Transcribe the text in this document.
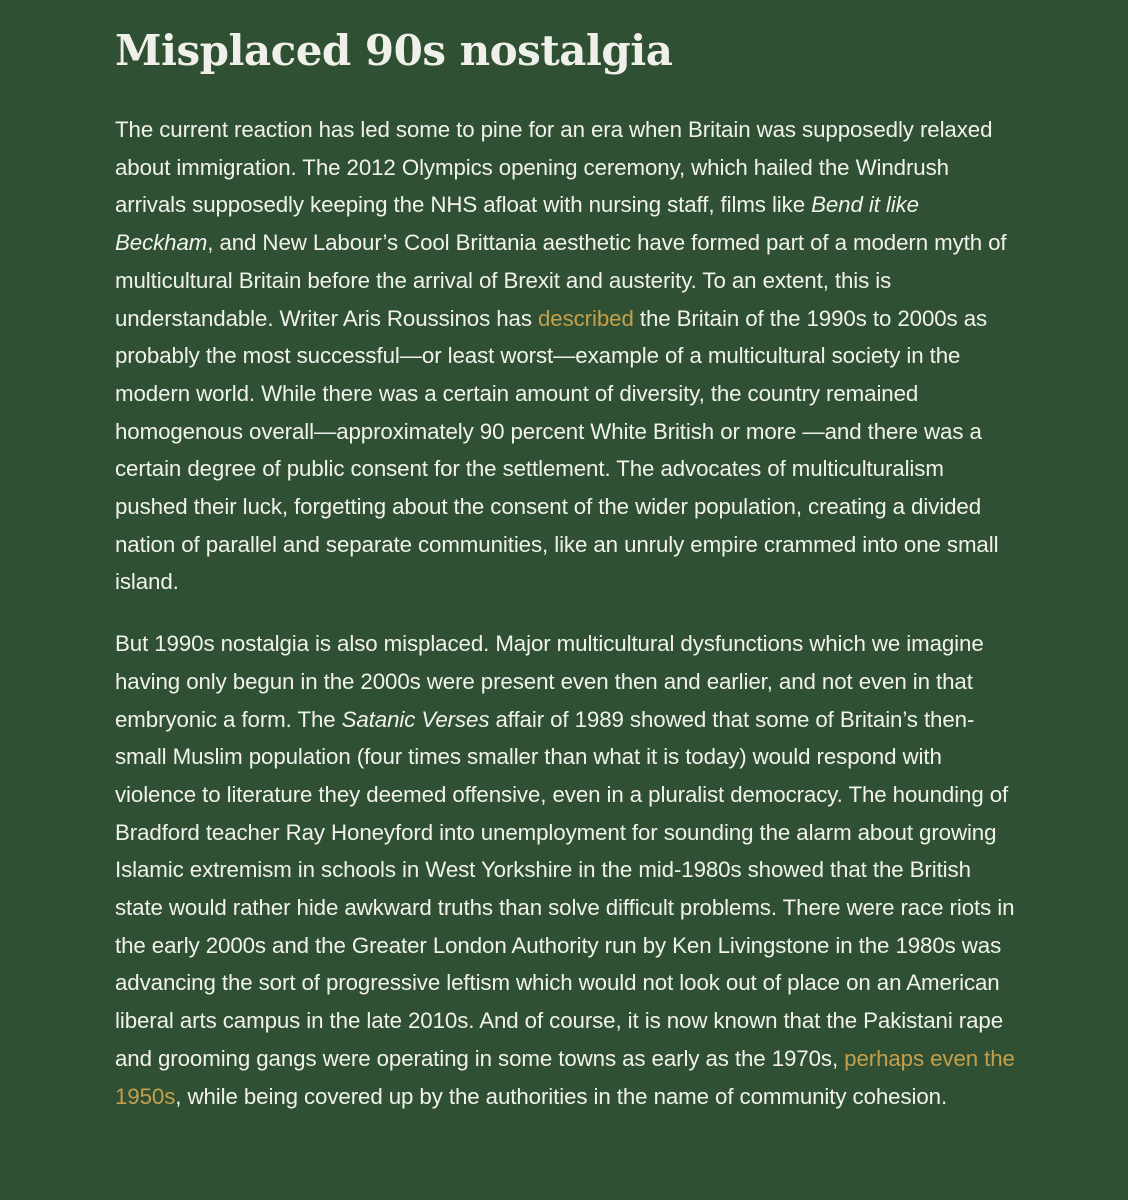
Misplaced 90s nostalgia

The current reaction has led some to pine for an era when Britain was supposedly relaxed about immigration. The 2012 Olympics opening ceremony, which hailed the Windrush arrivals supposedly keeping the NHS afloat with nursing staff, films like Bend it like Beckham, and New Labour’s Cool Brittania aesthetic have formed part of a modern myth of multicultural Britain before the arrival of Brexit and austerity. To an extent, this is understandable. Writer Aris Roussinos has described the Britain of the 1990s to 2000s as probably the most successful—or least worst—example of a multicultural society in the modern world. While there was a certain amount of diversity, the country remained homogenous overall—approximately 90 percent White British or more —and there was a certain degree of public consent for the settlement. The advocates of multiculturalism pushed their luck, forgetting about the consent of the wider population, creating a divided nation of parallel and separate communities, like an unruly empire crammed into one small island.

But 1990s nostalgia is also misplaced. Major multicultural dysfunctions which we imagine having only begun in the 2000s were present even then and earlier, and not even in that embryonic a form. The Satanic Verses affair of 1989 showed that some of Britain’s then-small Muslim population (four times smaller than what it is today) would respond with violence to literature they deemed offensive, even in a pluralist democracy. The hounding of Bradford teacher Ray Honeyford into unemployment for sounding the alarm about growing Islamic extremism in schools in West Yorkshire in the mid-1980s showed that the British state would rather hide awkward truths than solve difficult problems. There were race riots in the early 2000s and the Greater London Authority run by Ken Livingstone in the 1980s was advancing the sort of progressive leftism which would not look out of place on an American liberal arts campus in the late 2010s. And of course, it is now known that the Pakistani rape and grooming gangs were operating in some towns as early as the 1970s, perhaps even the 1950s, while being covered up by the authorities in the name of community cohesion.
